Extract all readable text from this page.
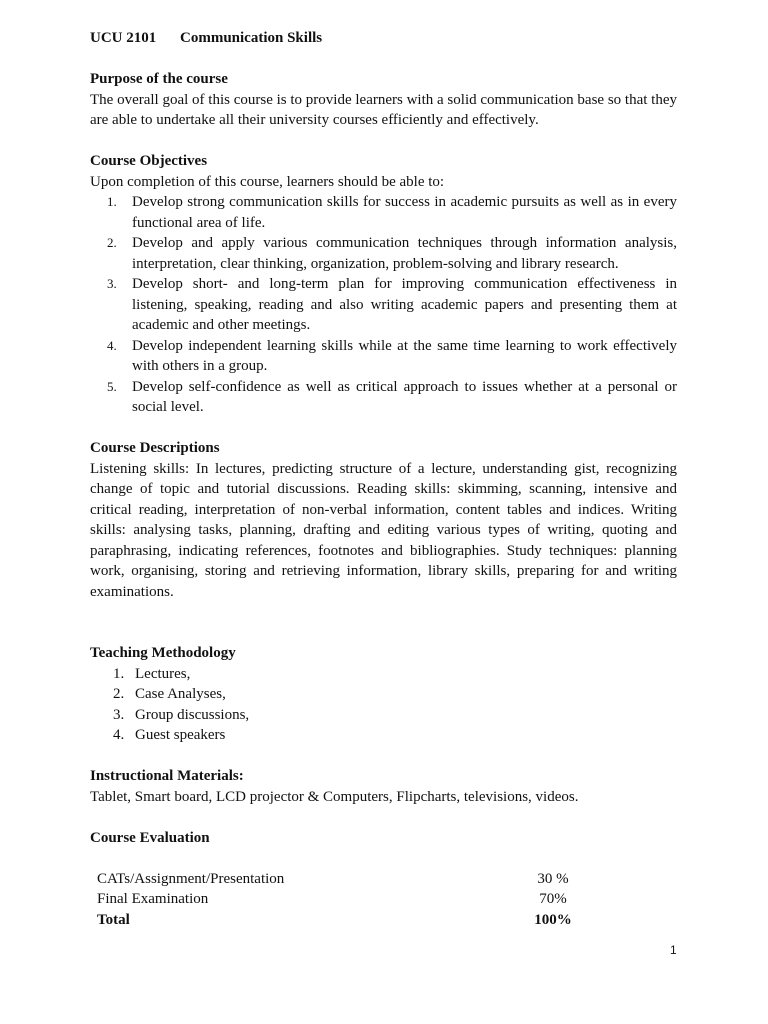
UCU 2101 Communication Skills
Purpose of the course

The overall goal of this course is to provide learners with a solid communication base so that they are able to undertake all their university courses efficiently and effectively.

Course Objectives

Upon completion of this course, learners should be able to:

1. Develop strong communication skills for success in academic pursuits as well as in every functional area of life.
2. Develop and apply various communication techniques through information analysis, interpretation, clear thinking, organization, problem-solving and library research.
3. Develop short- and long-term plan for improving communication effectiveness in listening, speaking, reading and also writing academic papers and presenting them at academic and other meetings.
4. Develop independent learning skills while at the same time learning to work effectively with others in a group.
5. Develop self-confidence as well as critical approach to issues whether at a personal or social level.
Course Descriptions

Listening skills: In lectures, predicting structure of a lecture, understanding gist, recognizing change of topic and tutorial discussions. Reading skills: skimming, scanning, intensive and critical reading, interpretation of non-verbal information, content tables and indices. Writing skills: analysing tasks, planning, drafting and editing various types of writing, quoting and paraphrasing, indicating references, footnotes and bibliographies. Study techniques: planning work, organising, storing and retrieving information, library skills, preparing for and writing examinations.

Teaching Methodology
1. Lectures,
2. Case Analyses,
3. Group discussions,
4. Guest speakers
Instructional Materials:

Tablet, Smart board, LCD projector & Computers, Flipcharts, televisions, videos.

Course Evaluation
CATs/Assignment/Presentation	30 %
Final Examination	70%
Total	100%
1
